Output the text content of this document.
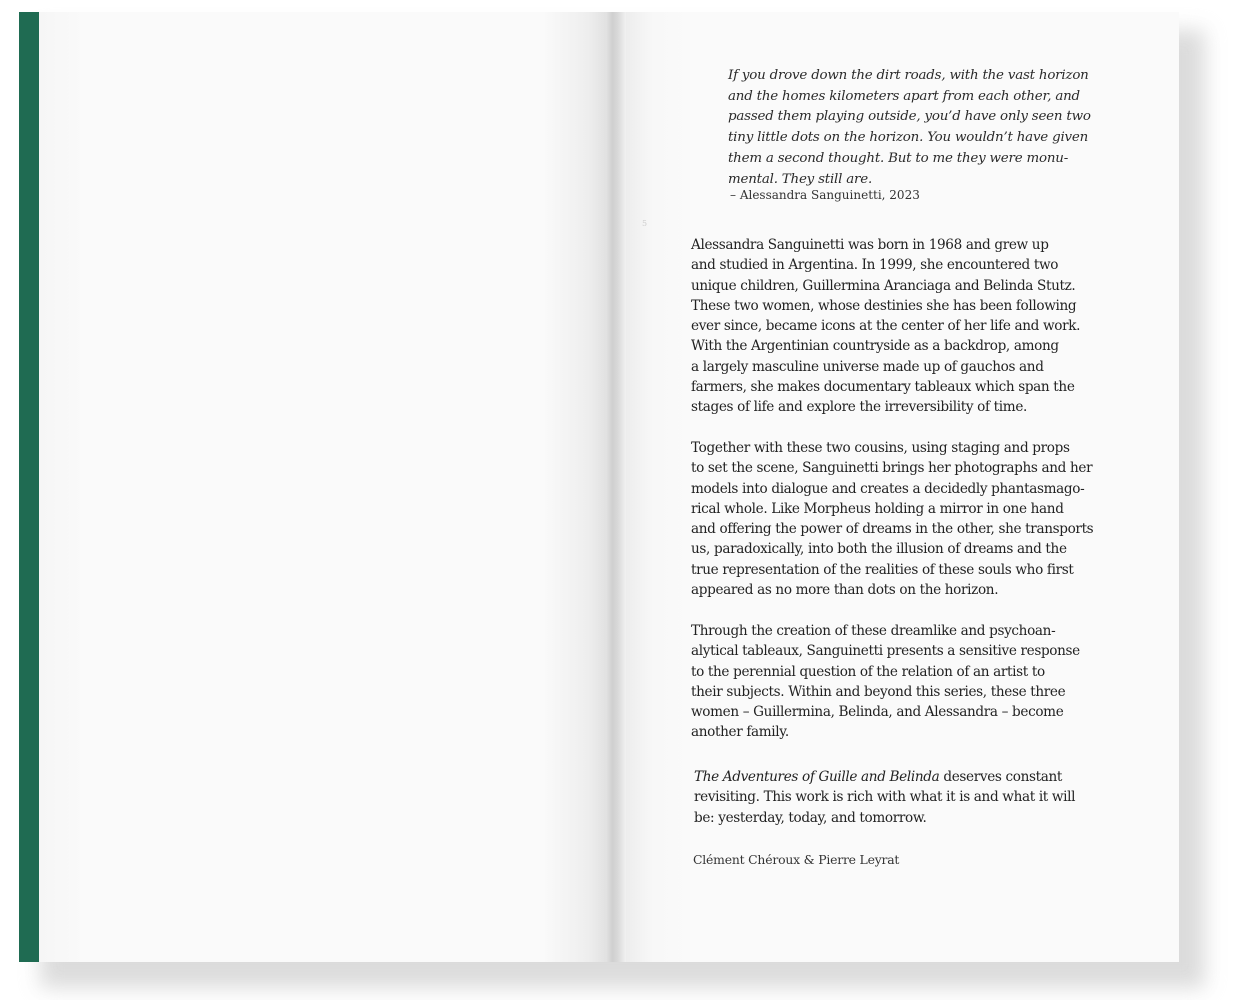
5
If you drove down the dirt roads, with the vast horizon
and the homes kilometers apart from each other, and
passed them playing outside, you’d have only seen two
tiny little dots on the horizon. You wouldn’t have given
them a second thought. But to me they were monu-
mental. They still are.
– Alessandra Sanguinetti, 2023
Alessandra Sanguinetti was born in 1968 and grew up
and studied in Argentina. In 1999, she encountered two
unique children, Guillermina Aranciaga and Belinda Stutz.
These two women, whose destinies she has been following
ever since, became icons at the center of her life and work.
With the Argentinian countryside as a backdrop, among
a largely masculine universe made up of gauchos and
farmers, she makes documentary tableaux which span the
stages of life and explore the irreversibility of time.
Together with these two cousins, using staging and props
to set the scene, Sanguinetti brings her photographs and her
models into dialogue and creates a decidedly phantasmago-
rical whole. Like Morpheus holding a mirror in one hand
and offering the power of dreams in the other, she transports
us, paradoxically, into both the illusion of dreams and the
true representation of the realities of these souls who first
appeared as no more than dots on the horizon.
Through the creation of these dreamlike and psychoan-
alytical tableaux, Sanguinetti presents a sensitive response
to the perennial question of the relation of an artist to
their subjects. Within and beyond this series, these three
women – Guillermina, Belinda, and Alessandra – become
another family.
The Adventures of Guille and Belinda deserves constant
revisiting. This work is rich with what it is and what it will
be: yesterday, today, and tomorrow.
Clément Chéroux & Pierre Leyrat
